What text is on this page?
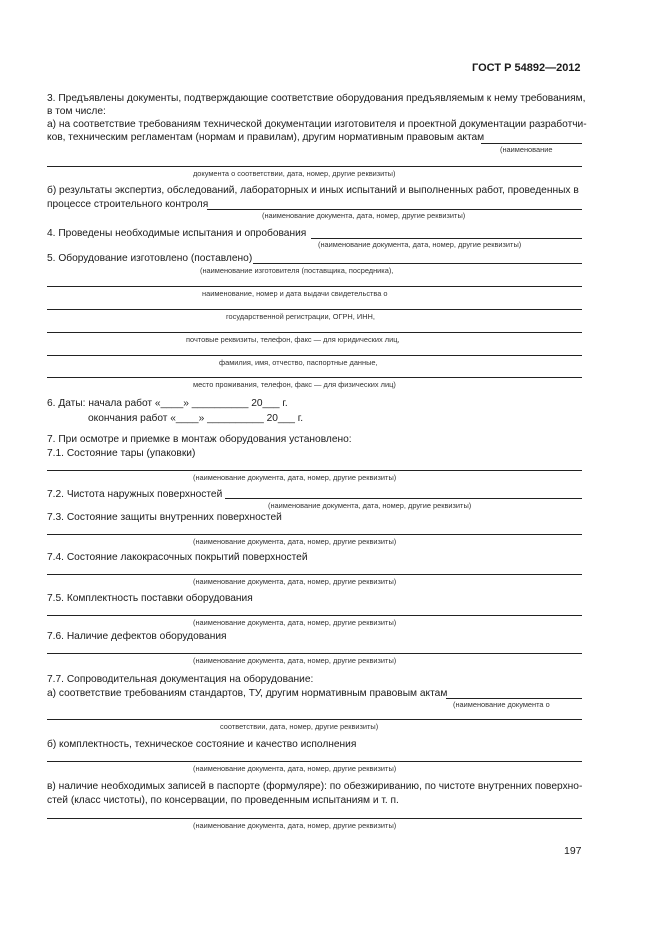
ГОСТ Р 54892—2012
3. Предъявлены документы, подтверждающие соответствие оборудования предъявляемым к нему требованиям,
в том числе:
а) на соответствие требованиям технической документации изготовителя и проектной документации разработчи-
ков, техническим регламентам (нормам и правилам), другим нормативным правовым актам
(наименование
документа о соответствии, дата, номер, другие реквизиты)
б) результаты экспертиз, обследований, лабораторных и иных испытаний и выполненных работ, проведенных в
процессе строительного контроля
(наименование документа, дата, номер, другие реквизиты)
4. Проведены необходимые испытания и опробования
(наименование документа, дата, номер, другие реквизиты)
5. Оборудование изготовлено (поставлено)
(наименование изготовителя (поставщика, посредника),
наименование, номер и дата выдачи свидетельства о
государственной регистрации, ОГРН, ИНН,
почтовые реквизиты, телефон, факс — для юридических лиц,
фамилия, имя, отчество, паспортные данные,
место проживания, телефон, факс — для физических лиц)
6. Даты: начала работ «____» __________ 20___ г.
окончания работ «____» __________ 20___ г.
7. При осмотре и приемке в монтаж оборудования установлено:
7.1. Состояние тары (упаковки)
(наименование документа, дата, номер, другие реквизиты)
7.2. Чистота наружных поверхностей
(наименование документа, дата, номер, другие реквизиты)
7.3. Состояние защиты внутренних поверхностей
(наименование документа, дата, номер, другие реквизиты)
7.4. Состояние лакокрасочных покрытий поверхностей
(наименование документа, дата, номер, другие реквизиты)
7.5. Комплектность поставки оборудования
(наименование документа, дата, номер, другие реквизиты)
7.6. Наличие дефектов оборудования
(наименование документа, дата, номер, другие реквизиты)
7.7. Сопроводительная документация на оборудование:
а) соответствие требованиям стандартов, ТУ, другим нормативным правовым актам
(наименование документа о
соответствии, дата, номер, другие реквизиты)
б) комплектность, техническое состояние и качество исполнения
(наименование документа, дата, номер, другие реквизиты)
в) наличие необходимых записей в паспорте (формуляре): по обезжириванию, по чистоте внутренних поверхно-
стей (класс чистоты), по консервации, по проведенным испытаниям и т. п.
(наименование документа, дата, номер, другие реквизиты)
197
